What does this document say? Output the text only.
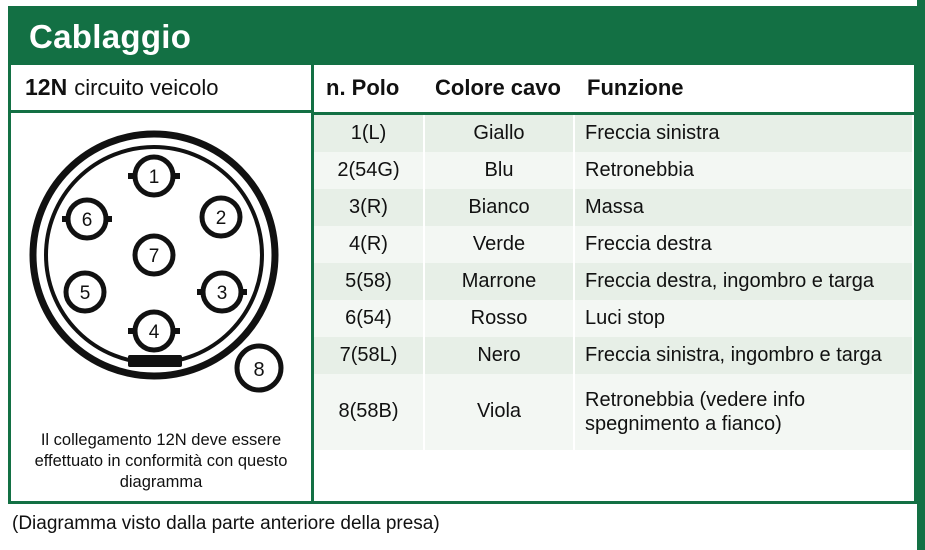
Cablaggio
12N circuito veicolo
1
2
6
7
5	3
4
8
Il collegamento 12N deve essere effettuato in conformità con questo diagramma
n. Polo	Colore cavo	Funzione
1(L)	Giallo	Freccia sinistra
2(54G)	Blu	Retronebbia
3(R)	Bianco	Massa
4(R)	Verde	Freccia destra
5(58)	Marrone	Freccia destra, ingombro e targa
6(54)	Rosso	Luci stop
7(58L)	Nero	Freccia sinistra, ingombro e targa
8(58B)	Viola	Retronebbia (vedere info spegnimento a fianco)
(Diagramma visto dalla parte anteriore della presa)
